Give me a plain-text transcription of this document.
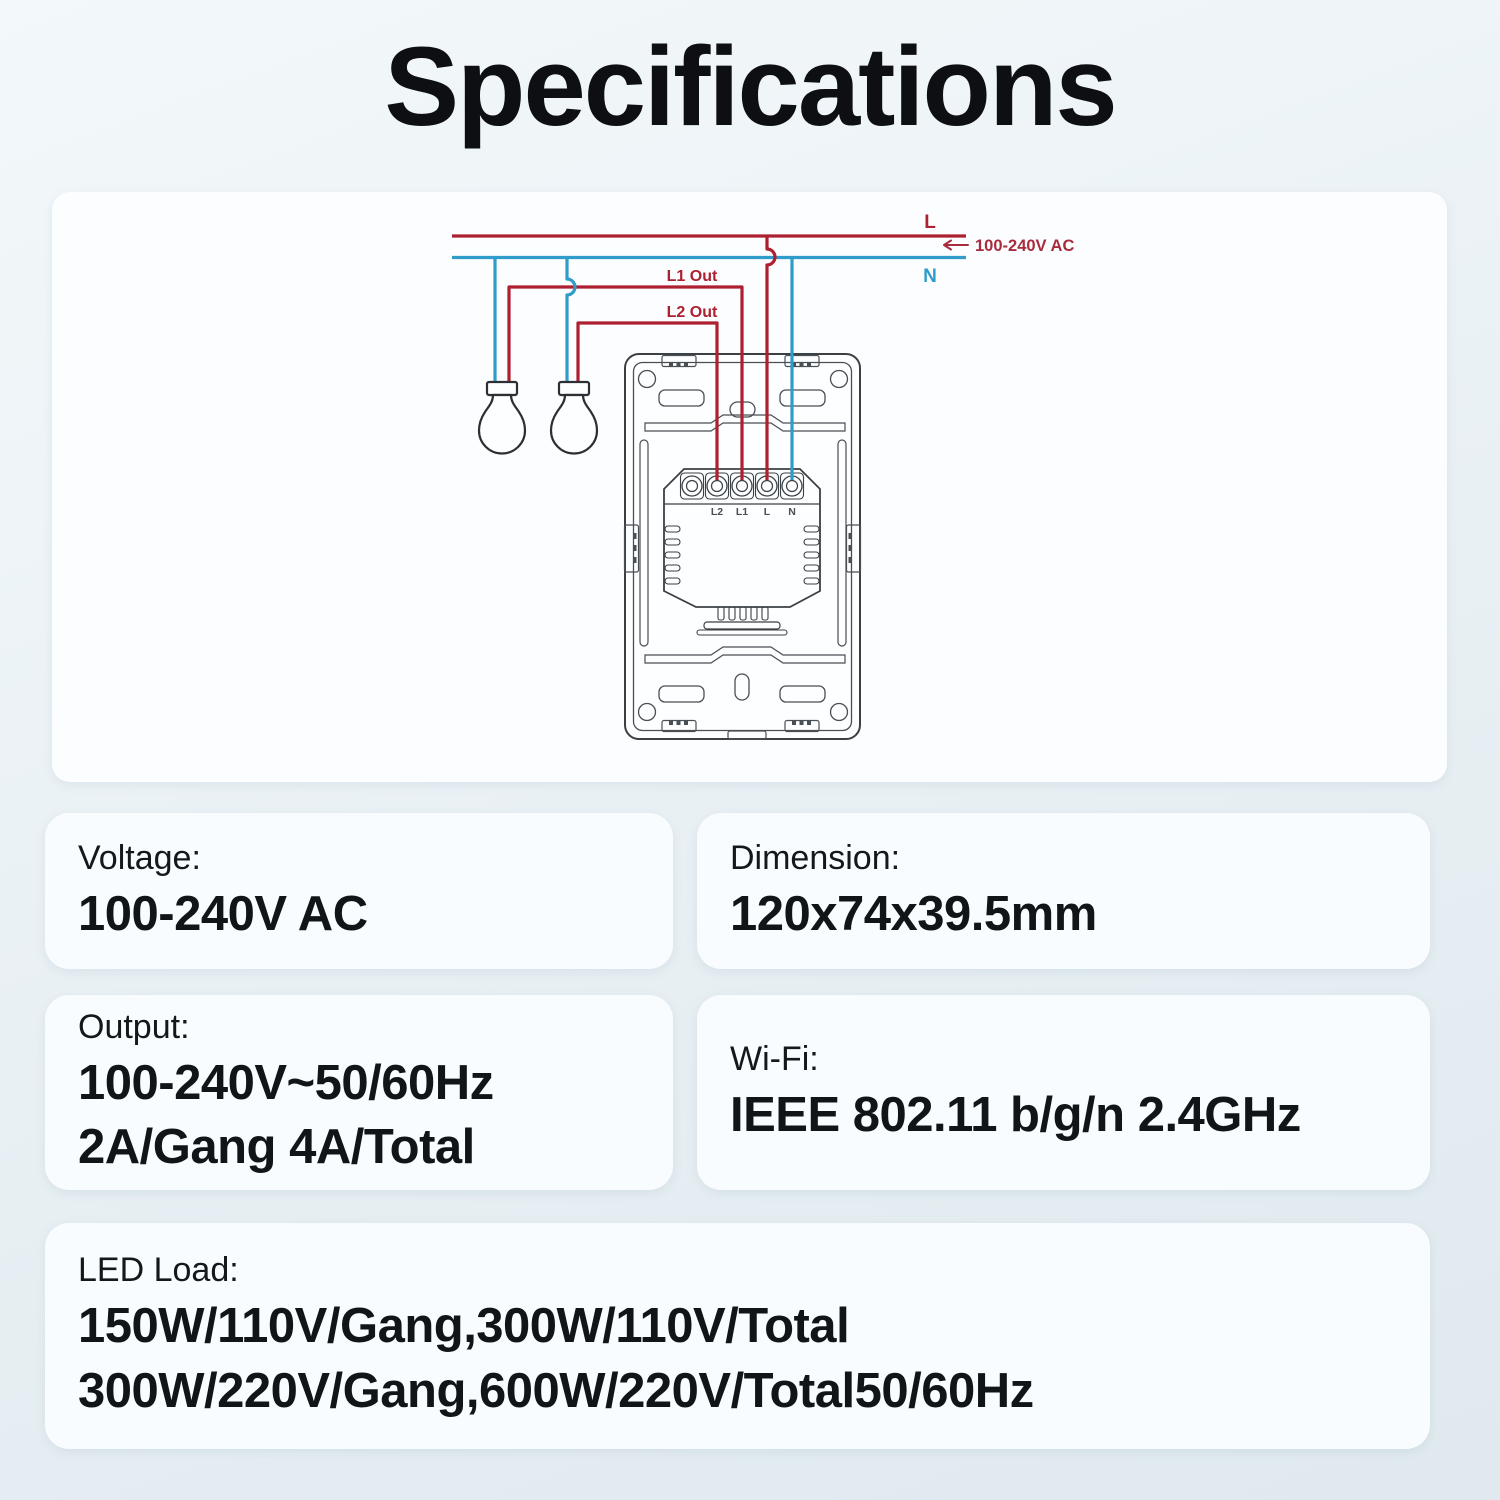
Specifications
L2 L1 L N
L
N
100-240V AC
L1 Out
L2 Out
Voltage:
100-240V AC
Dimension:
120x74x39.5mm
Output:
100-240V~50/60Hz
2A/Gang 4A/Total
Wi-Fi:
IEEE 802.11 b/g/n 2.4GHz
LED Load:
150W/110V/Gang,300W/110V/Total
300W/220V/Gang,600W/220V/Total50/60Hz
